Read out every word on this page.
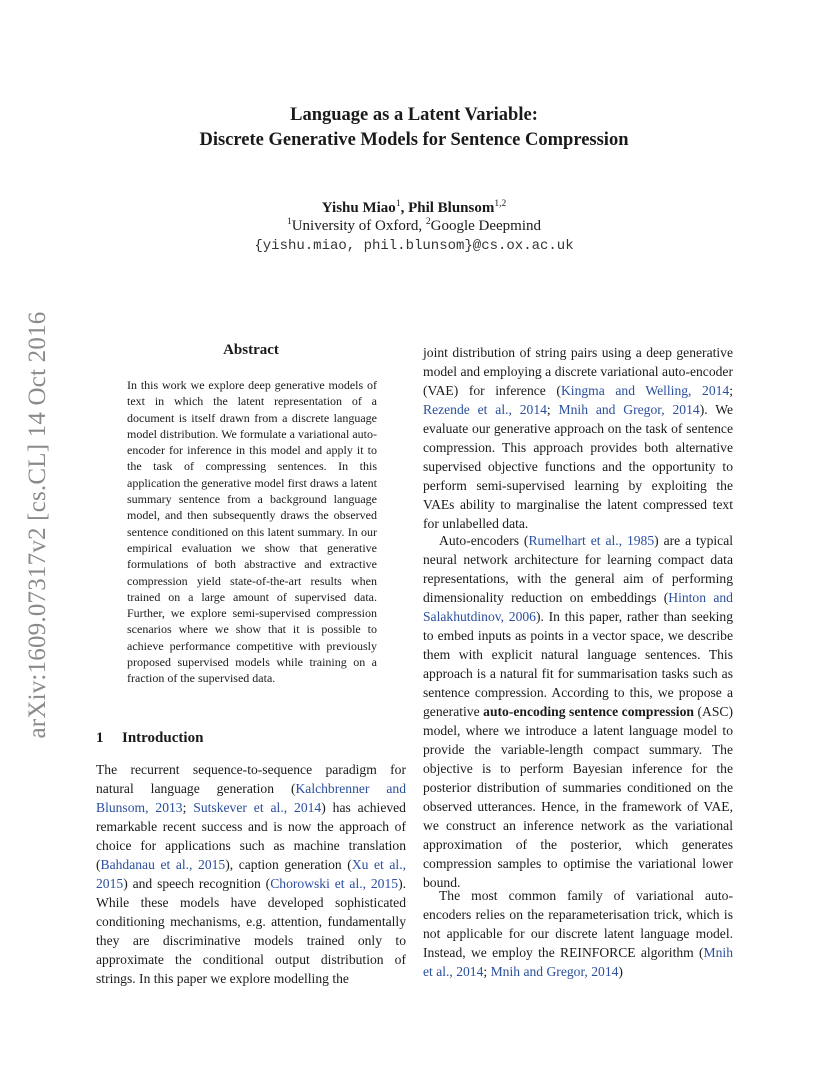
arXiv:1609.07317v2 [cs.CL] 14 Oct 2016
Language as a Latent Variable:
Discrete Generative Models for Sentence Compression
Yishu Miao$^1$, Phil Blunsom$^{1,2}$
$^1$University of Oxford, $^2$Google Deepmind
{yishu.miao, phil.blunsom}@cs.ox.ac.uk
Abstract

In this work we explore deep generative models of text in which the latent representation of a document is itself drawn from a discrete language model distribution. We formulate a variational auto-encoder for inference in this model and apply it to the task of compressing sentences. In this application the generative model first draws a latent summary sentence from a background language model, and then subsequently draws the observed sentence conditioned on this latent summary. In our empirical evaluation we show that generative formulations of both abstractive and extractive compression yield state-of-the-art results when trained on a large amount of supervised data. Further, we explore semi-supervised compression scenarios where we show that it is possible to achieve performance competitive with previously proposed supervised models while training on a fraction of the supervised data.

1 Introduction

The recurrent sequence-to-sequence paradigm for natural language generation (Kalchbrenner and Blunsom, 2013; Sutskever et al., 2014) has achieved remarkable recent success and is now the approach of choice for applications such as machine translation (Bahdanau et al., 2015), caption generation (Xu et al., 2015) and speech recognition (Chorowski et al., 2015). While these models have developed sophisticated conditioning mechanisms, e.g. attention, fundamentally they are discriminative models trained only to approximate the conditional output distribution of strings. In this paper we explore modelling the

joint distribution of string pairs using a deep generative model and employing a discrete variational auto-encoder (VAE) for inference (Kingma and Welling, 2014; Rezende et al., 2014; Mnih and Gregor, 2014). We evaluate our generative approach on the task of sentence compression. This approach provides both alternative supervised objective functions and the opportunity to perform semi-supervised learning by exploiting the VAEs ability to marginalise the latent compressed text for unlabelled data.

Auto-encoders (Rumelhart et al., 1985) are a typical neural network architecture for learning compact data representations, with the general aim of performing dimensionality reduction on embeddings (Hinton and Salakhutdinov, 2006). In this paper, rather than seeking to embed inputs as points in a vector space, we describe them with explicit natural language sentences. This approach is a natural fit for summarisation tasks such as sentence compression. According to this, we propose a generative auto-encoding sentence compression (ASC) model, where we introduce a latent language model to provide the variable-length compact summary. The objective is to perform Bayesian inference for the posterior distribution of summaries conditioned on the observed utterances. Hence, in the framework of VAE, we construct an inference network as the variational approximation of the posterior, which generates compression samples to optimise the variational lower bound.

The most common family of variational auto-encoders relies on the reparameterisation trick, which is not applicable for our discrete latent language model. Instead, we employ the REINFORCE algorithm (Mnih et al., 2014; Mnih and Gregor, 2014)
